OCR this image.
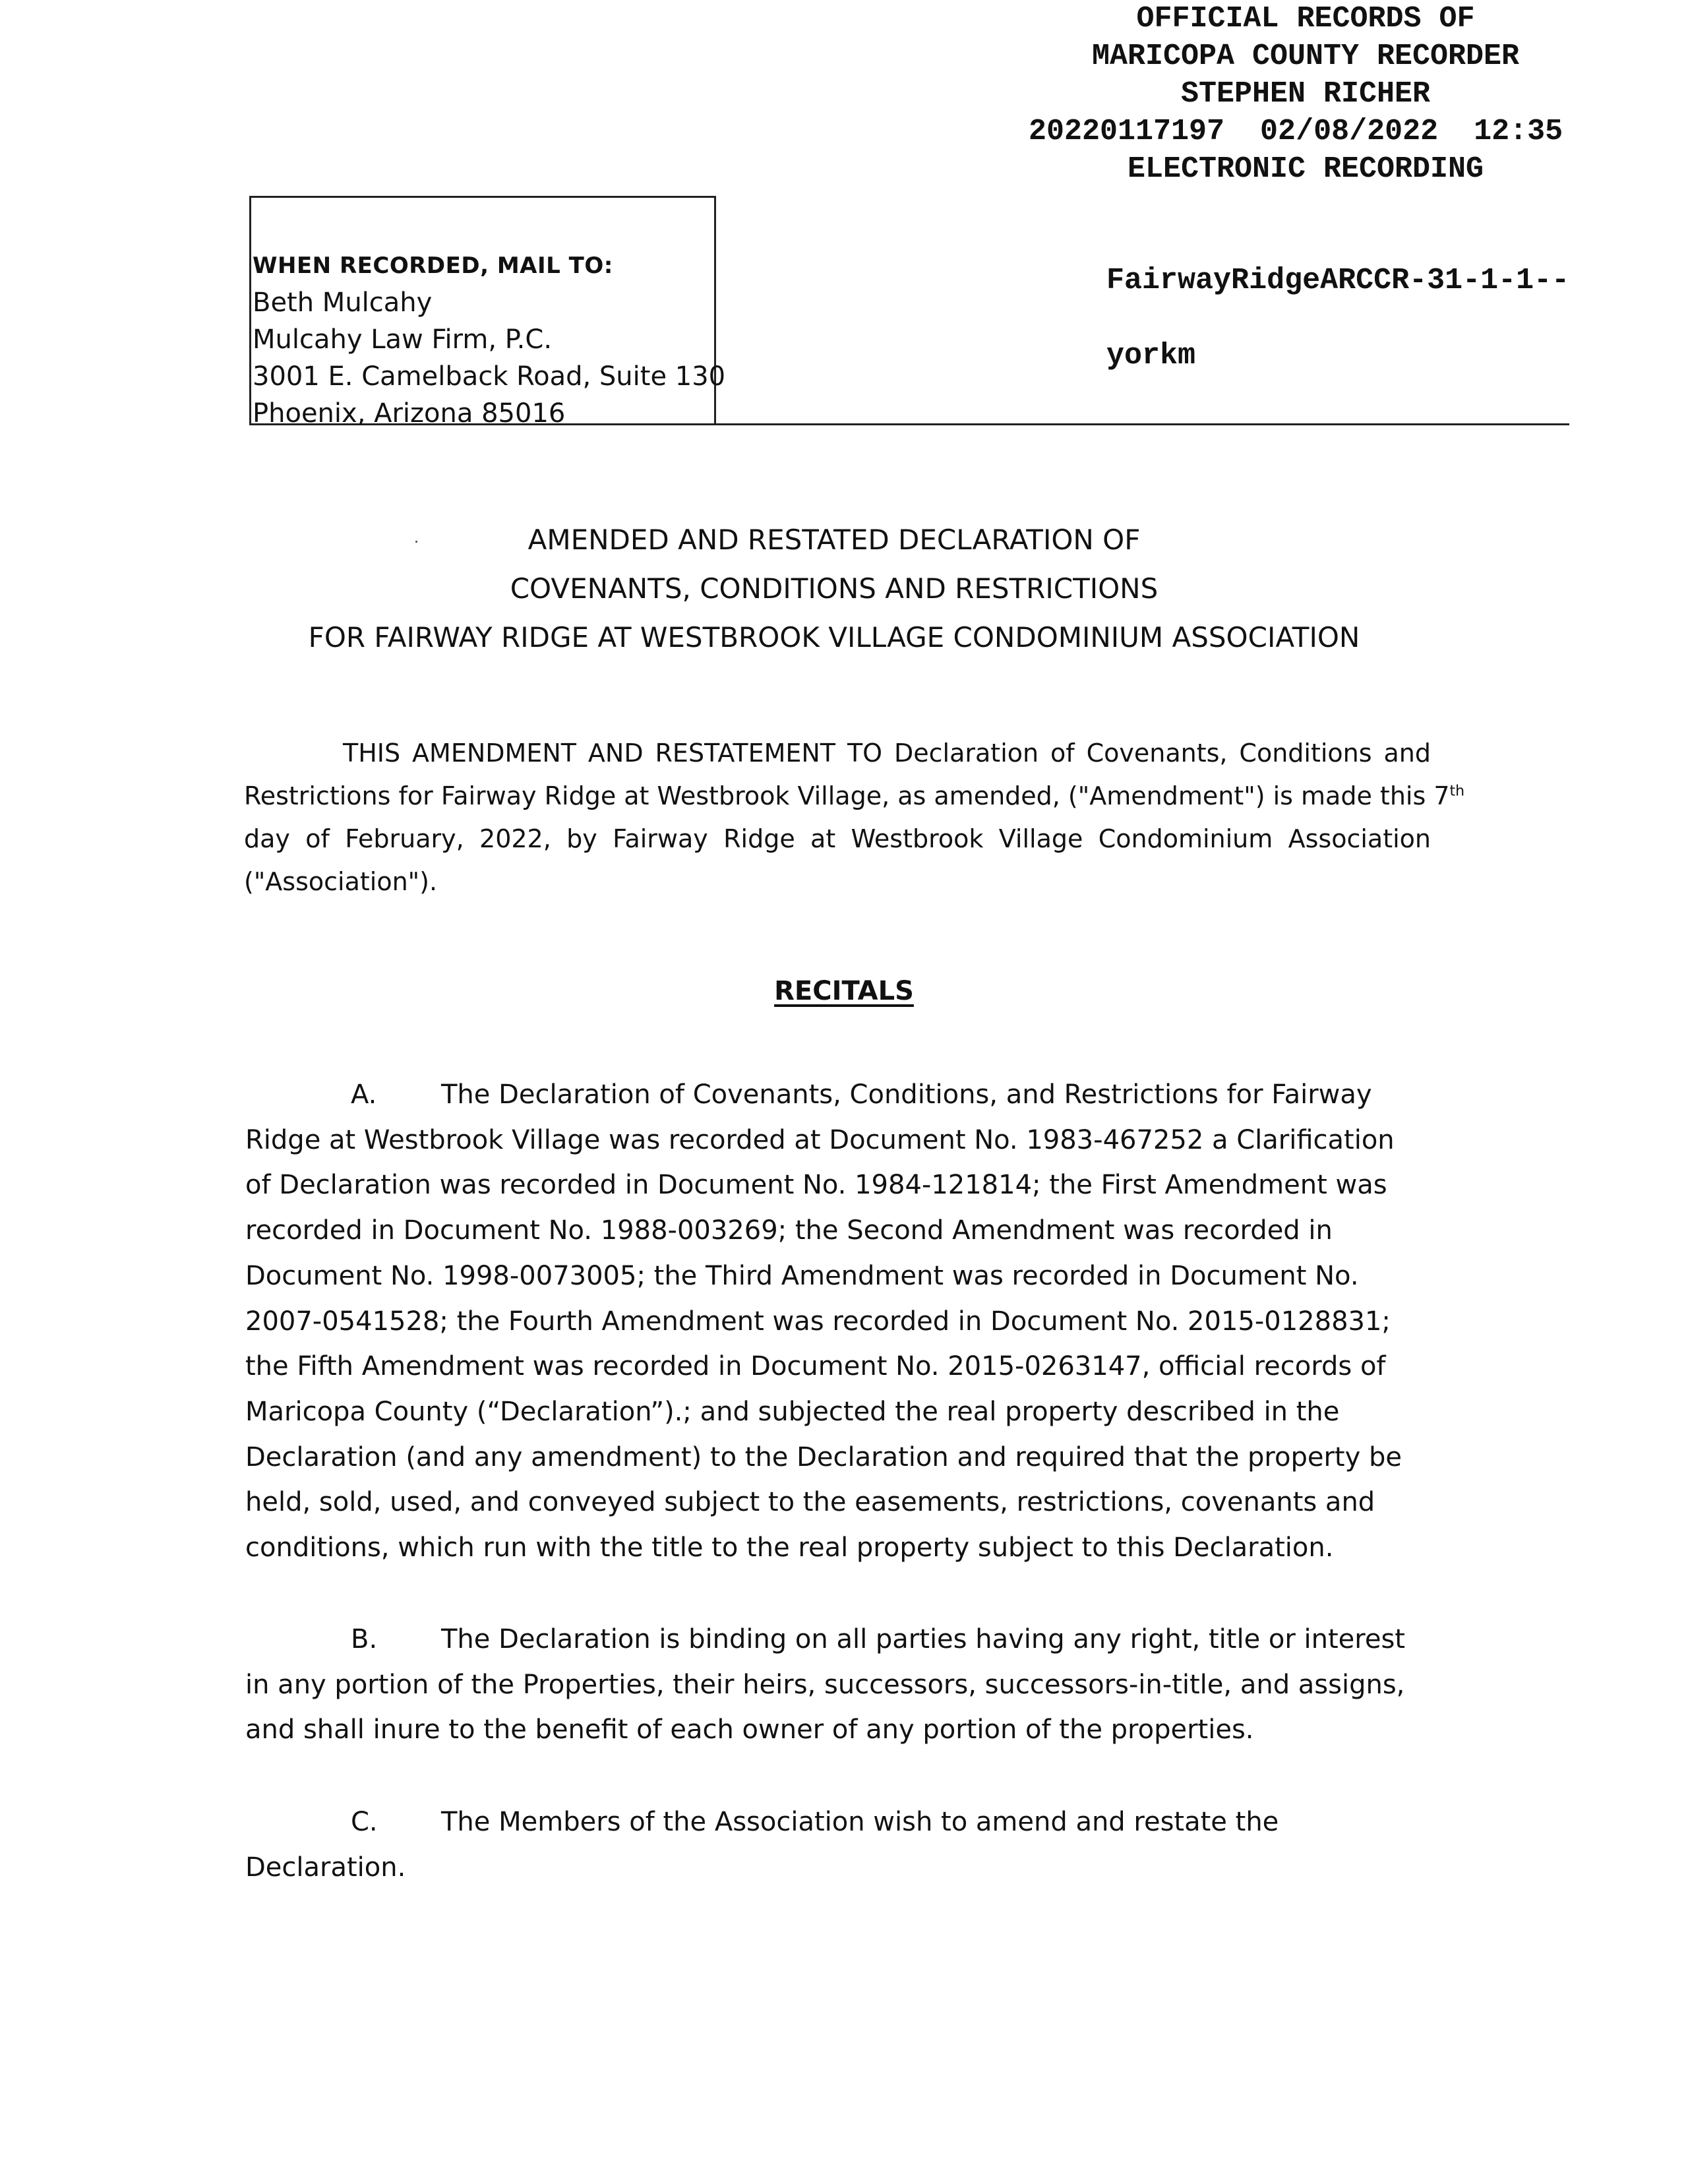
OFFICIAL RECORDS OF
MARICOPA COUNTY RECORDER
STEPHEN RICHER
20220117197  02/08/2022  12:35
ELECTRONIC RECORDING

FairwayRidgeARCCR-31-1-1--

yorkm

WHEN RECORDED, MAIL TO:
Beth Mulcahy
Mulcahy Law Firm, P.C.
3001 E. Camelback Road, Suite 130
Phoenix, Arizona 85016
AMENDED AND RESTATED DECLARATION OF
COVENANTS, CONDITIONS AND RESTRICTIONS
FOR FAIRWAY RIDGE AT WESTBROOK VILLAGE CONDOMINIUM ASSOCIATION
THIS AMENDMENT AND RESTATEMENT TO Declaration of Covenants, Conditions and
Restrictions for Fairway Ridge at Westbrook Village, as amended, ("Amendment") is made this 7th
day of February, 2022, by Fairway Ridge at Westbrook Village Condominium Association
("Association").
RECITALS
A. The Declaration of Covenants, Conditions, and Restrictions for Fairway
Ridge at Westbrook Village was recorded at Document No. 1983-467252 a Clarification
of Declaration was recorded in Document No. 1984-121814; the First Amendment was
recorded in Document No. 1988-003269; the Second Amendment was recorded in
Document No. 1998-0073005; the Third Amendment was recorded in Document No.
2007-0541528; the Fourth Amendment was recorded in Document No. 2015-0128831;
the Fifth Amendment was recorded in Document No. 2015-0263147, official records of
Maricopa County (“Declaration”).; and subjected the real property described in the
Declaration (and any amendment) to the Declaration and required that the property be
held, sold, used, and conveyed subject to the easements, restrictions, covenants and
conditions, which run with the title to the real property subject to this Declaration.
B. The Declaration is binding on all parties having any right, title or interest
in any portion of the Properties, their heirs, successors, successors-in-title, and assigns,
and shall inure to the benefit of each owner of any portion of the properties.
C. The Members of the Association wish to amend and restate the
Declaration.
